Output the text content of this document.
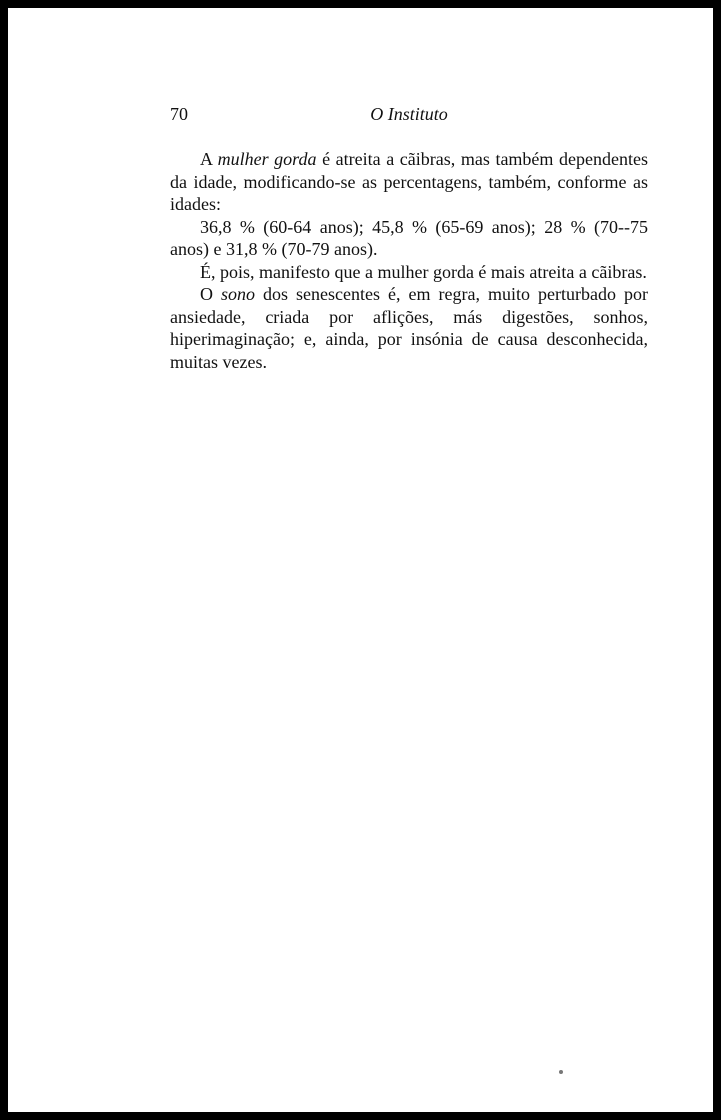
70	O Instituto

A mulher gorda é atreita a cãibras, mas também dependentes da idade, modificando-se as percentagens, também, conforme as idades:

36,8 % (60-64 anos); 45,8 % (65-69 anos); 28 % (70--75 anos) e 31,8 % (70-79 anos).

É, pois, manifesto que a mulher gorda é mais atreita a cãibras.

O sono dos senescentes é, em regra, muito perturbado por ansiedade, criada por aflições, más digestões, sonhos, hiperimaginação; e, ainda, por insónia de causa desconhecida, muitas vezes.
